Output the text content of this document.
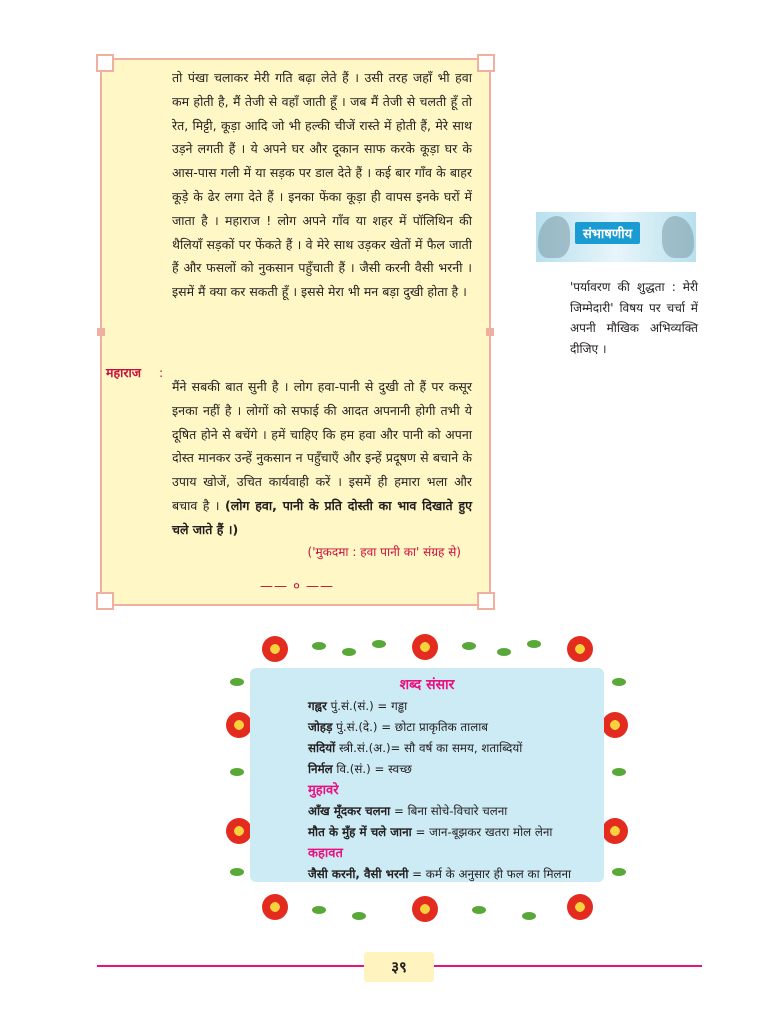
तो पंखा चलाकर मेरी गति बढ़ा लेते हैं । उसी तरह जहाँ भी हवा कम होती है, मैं तेजी से वहाँ जाती हूँ । जब मैं तेजी से चलती हूँ तो रेत, मिट्टी, कूड़ा आदि जो भी हल्की चीजें रास्ते में होती हैं, मेरे साथ उड़ने लगती हैं । ये अपने घर और दूकान साफ करके कूड़ा घर के आस-पास गली में या सड़क पर डाल देते हैं । कई बार गाँव के बाहर कूड़े के ढेर लगा देते हैं । इनका फेंका कूड़ा ही वापस इनके घरों में जाता है । महाराज ! लोग अपने गाँव या शहर में पॉलिथिन की थैलियाँ सड़कों पर फेंकते हैं । वे मेरे साथ उड़कर खेतों में फैल जाती हैं और फसलों को नुकसान पहुँचाती हैं । जैसी करनी वैसी भरनी । इसमें मैं क्या कर सकती हूँ । इससे मेरा भी मन बड़ा दुखी होता है ।

मैंने सबकी बात सुनी है । लोग हवा-पानी से दुखी तो हैं पर कसूर इनका नहीं है । लोगों को सफाई की आदत अपनानी होगी तभी ये दूषित होने से बचेंगे । हमें चाहिए कि हम हवा और पानी को अपना दोस्त मानकर उन्हें नुकसान न पहुँचाएँ और इन्हें प्रदूषण से बचाने के उपाय खोजें, उचित कार्यवाही करें । इसमें ही हमारा भला और बचाव है । (लोग हवा, पानी के प्रति दोस्ती का भाव दिखाते हुए चले जाते हैं ।)

महाराज :
('मुकदमा : हवा पानी का' संग्रह से)
—— ० ——
संभाषणीय
'पर्यावरण की शुद्धता : मेरी जिम्मेदारी' विषय पर चर्चा में अपनी मौखिक अभिव्यक्ति दीजिए ।
शब्द संसार
गह्वर पुं.सं.(सं.) = गड्ढा
जोहड़ पुं.सं.(दे.) = छोटा प्राकृतिक तालाब
सदियों स्त्री.सं.(अ.)= सौ वर्ष का समय, शताब्दियों
निर्मल वि.(सं.) = स्वच्छ
मुहावरे
आँख मूँदकर चलना = बिना सोचे-विचारे चलना
मौत के मुँह में चले जाना = जान-बूझकर खतरा मोल लेना
कहावत
जैसी करनी, वैसी भरनी = कर्म के अनुसार ही फल का मिलना
३९
